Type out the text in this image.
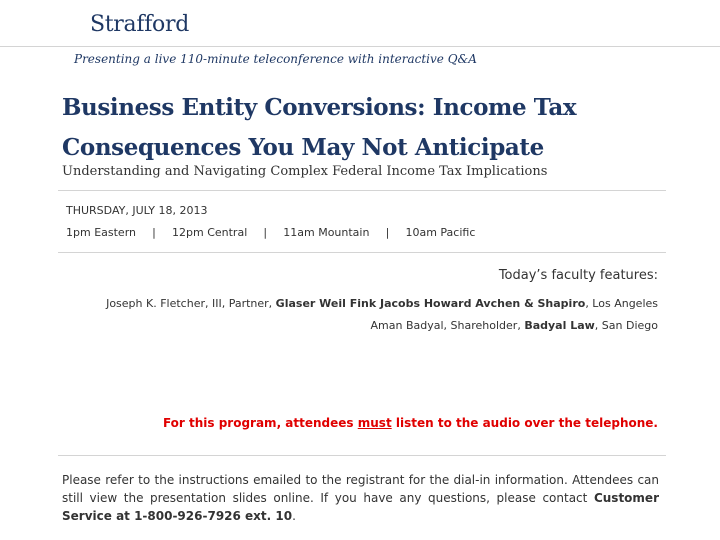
Strafford
Presenting a live 110-minute teleconference with interactive Q&A
Business Entity Conversions: Income Tax
Consequences You May Not Anticipate
Understanding and Navigating Complex Federal Income Tax Implications
THURSDAY, JULY 18, 2013
1pm Eastern | 12pm Central | 11am Mountain | 10am Pacific
Today’s faculty features:
Joseph K. Fletcher, III, Partner, Glaser Weil Fink Jacobs Howard Avchen & Shapiro, Los Angeles
Aman Badyal, Shareholder, Badyal Law, San Diego
For this program, attendees must listen to the audio over the telephone.
Please refer to the instructions emailed to the registrant for the dial-in information. Attendees can still view the presentation slides online. If you have any questions, please contact Customer Service at 1-800-926-7926 ext. 10.
